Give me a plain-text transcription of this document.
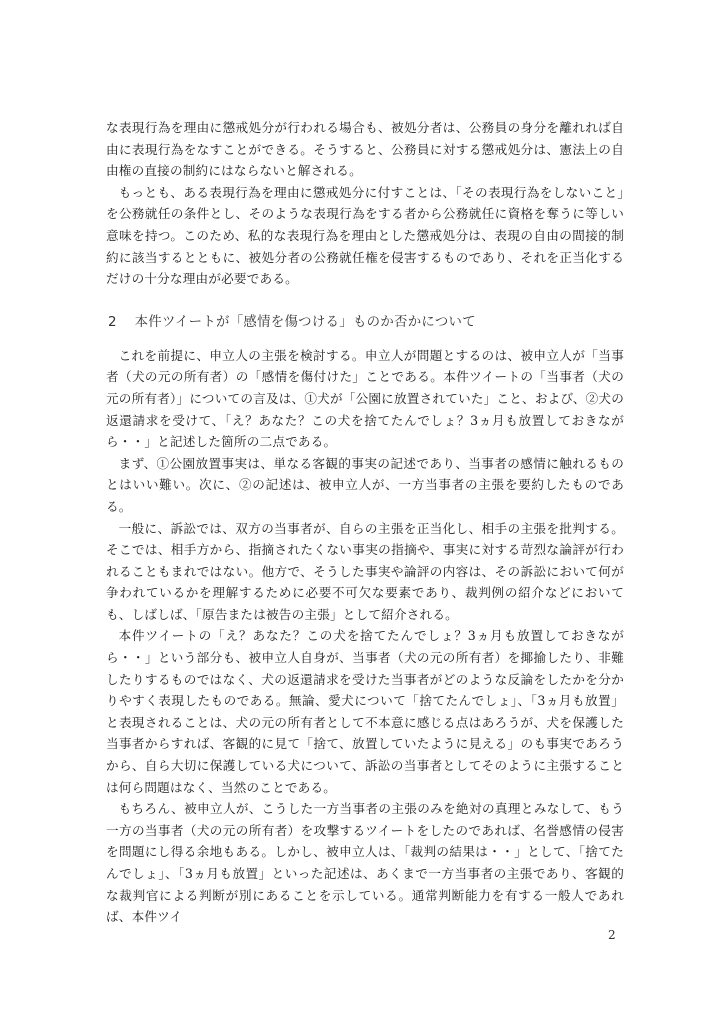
な表現行為を理由に懲戒処分が行われる場合も、被処分者は、公務員の身分を離れれば自由に表現行為をなすことができる。そうすると、公務員に対する懲戒処分は、憲法上の自由権の直接の制約にはならないと解される。

もっとも、ある表現行為を理由に懲戒処分に付すことは、「その表現行為をしないこと」を公務就任の条件とし、そのような表現行為をする者から公務就任に資格を奪うに等しい意味を持つ。このため、私的な表現行為を理由とした懲戒処分は、表現の自由の間接的制約に該当するとともに、被処分者の公務就任権を侵害するものであり、それを正当化するだけの十分な理由が必要である。

2 本件ツイートが「感情を傷つける」ものか否かについて

これを前提に、申立人の主張を検討する。申立人が問題とするのは、被申立人が「当事者（犬の元の所有者）の「感情を傷付けた」ことである。本件ツイートの「当事者（犬の元の所有者）」についての言及は、①犬が「公園に放置されていた」こと、および、②犬の返還請求を受けて、「え？あなた？この犬を捨てたんでしょ？3ヵ月も放置しておきながら・・」と記述した箇所の二点である。

まず、①公園放置事実は、単なる客観的事実の記述であり、当事者の感情に触れるものとはいい難い。次に、②の記述は、被申立人が、一方当事者の主張を要約したものである。

一般に、訴訟では、双方の当事者が、自らの主張を正当化し、相手の主張を批判する。そこでは、相手方から、指摘されたくない事実の指摘や、事実に対する苛烈な論評が行われることもまれではない。他方で、そうした事実や論評の内容は、その訴訟において何が争われているかを理解するために必要不可欠な要素であり、裁判例の紹介などにおいても、しばしば、「原告または被告の主張」として紹介される。

本件ツイートの「え？あなた？この犬を捨てたんでしょ？3ヵ月も放置しておきながら・・」という部分も、被申立人自身が、当事者（犬の元の所有者）を揶揄したり、非難したりするものではなく、犬の返還請求を受けた当事者がどのような反論をしたかを分かりやすく表現したものである。無論、愛犬について「捨てたんでしょ」、「3ヵ月も放置」と表現されることは、犬の元の所有者として不本意に感じる点はあろうが、犬を保護した当事者からすれば、客観的に見て「捨て、放置していたように見える」のも事実であろうから、自ら大切に保護している犬について、訴訟の当事者としてそのように主張することは何ら問題はなく、当然のことである。

もちろん、被申立人が、こうした一方当事者の主張のみを絶対の真理とみなして、もう一方の当事者（犬の元の所有者）を攻撃するツイートをしたのであれば、名誉感情の侵害を問題にし得る余地もある。しかし、被申立人は、「裁判の結果は・・」として、「捨てたんでしょ」、「3ヵ月も放置」といった記述は、あくまで一方当事者の主張であり、客観的な裁判官による判断が別にあることを示している。通常判断能力を有する一般人であれば、本件ツイ

2
